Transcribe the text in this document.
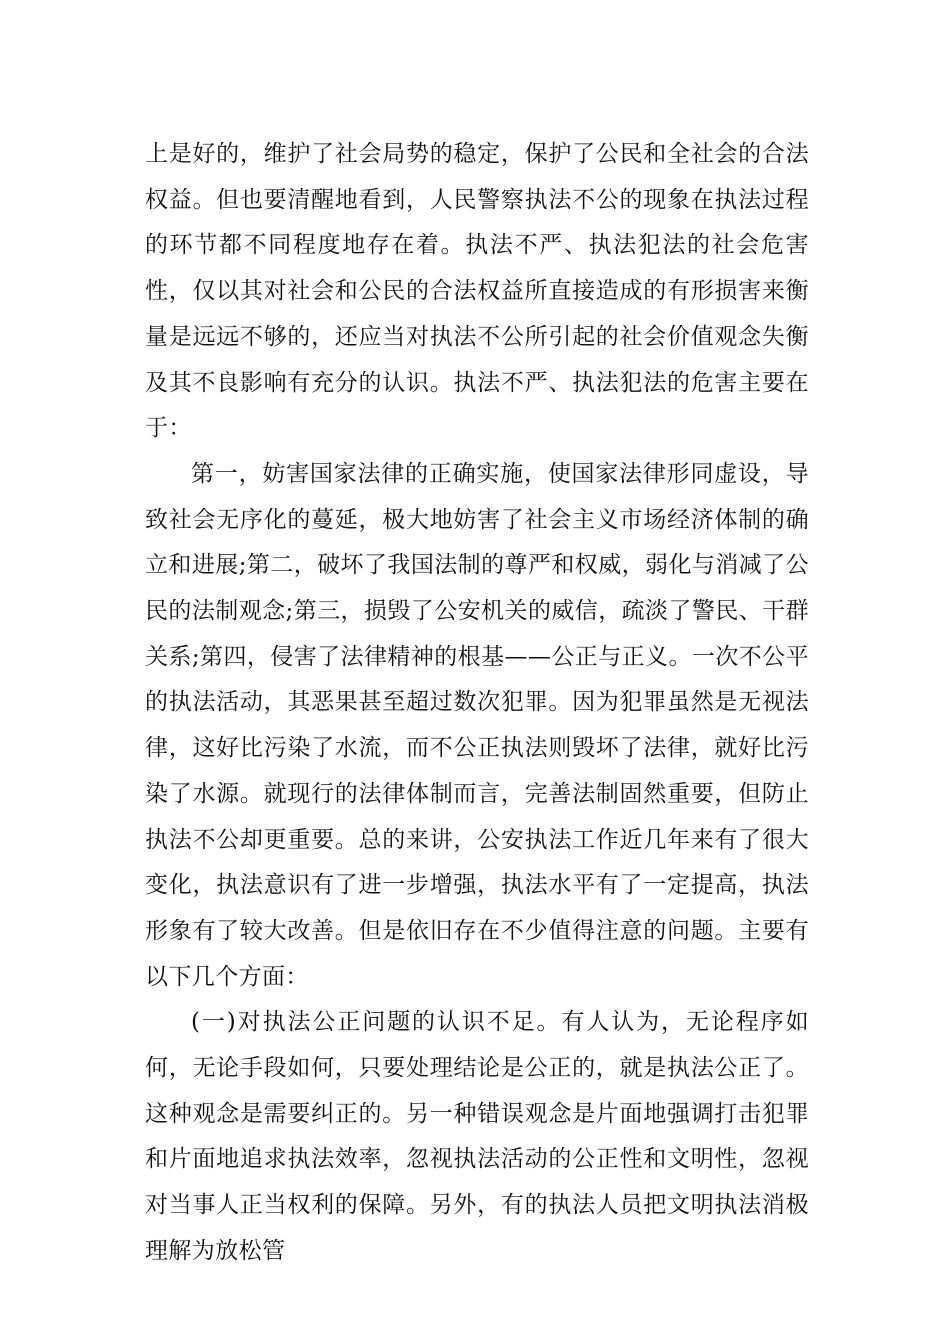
上是好的，维护了社会局势的稳定，保护了公民和全社会的合法权益。但也要清醒地看到，人民警察执法不公的现象在执法过程的环节都不同程度地存在着。执法不严、执法犯法的社会危害性，仅以其对社会和公民的合法权益所直接造成的有形损害来衡量是远远不够的，还应当对执法不公所引起的社会价值观念失衡及其不良影响有充分的认识。执法不严、执法犯法的危害主要在于：

第一，妨害国家法律的正确实施，使国家法律形同虚设，导致社会无序化的蔓延，极大地妨害了社会主义市场经济体制的确立和进展;第二，破坏了我国法制的尊严和权威，弱化与消减了公民的法制观念;第三，损毁了公安机关的威信，疏淡了警民、干群关系;第四，侵害了法律精神的根基——公正与正义。一次不公平的执法活动，其恶果甚至超过数次犯罪。因为犯罪虽然是无视法律，这好比污染了水流，而不公正执法则毁坏了法律，就好比污染了水源。就现行的法律体制而言，完善法制固然重要，但防止执法不公却更重要。总的来讲，公安执法工作近几年来有了很大变化，执法意识有了进一步增强，执法水平有了一定提高，执法形象有了较大改善。但是依旧存在不少值得注意的问题。主要有以下几个方面：

(一)对执法公正问题的认识不足。有人认为，无论程序如何，无论手段如何，只要处理结论是公正的，就是执法公正了。这种观念是需要纠正的。另一种错误观念是片面地强调打击犯罪和片面地追求执法效率，忽视执法活动的公正性和文明性，忽视对当事人正当权利的保障。另外，有的执法人员把文明执法消极理解为放松管
